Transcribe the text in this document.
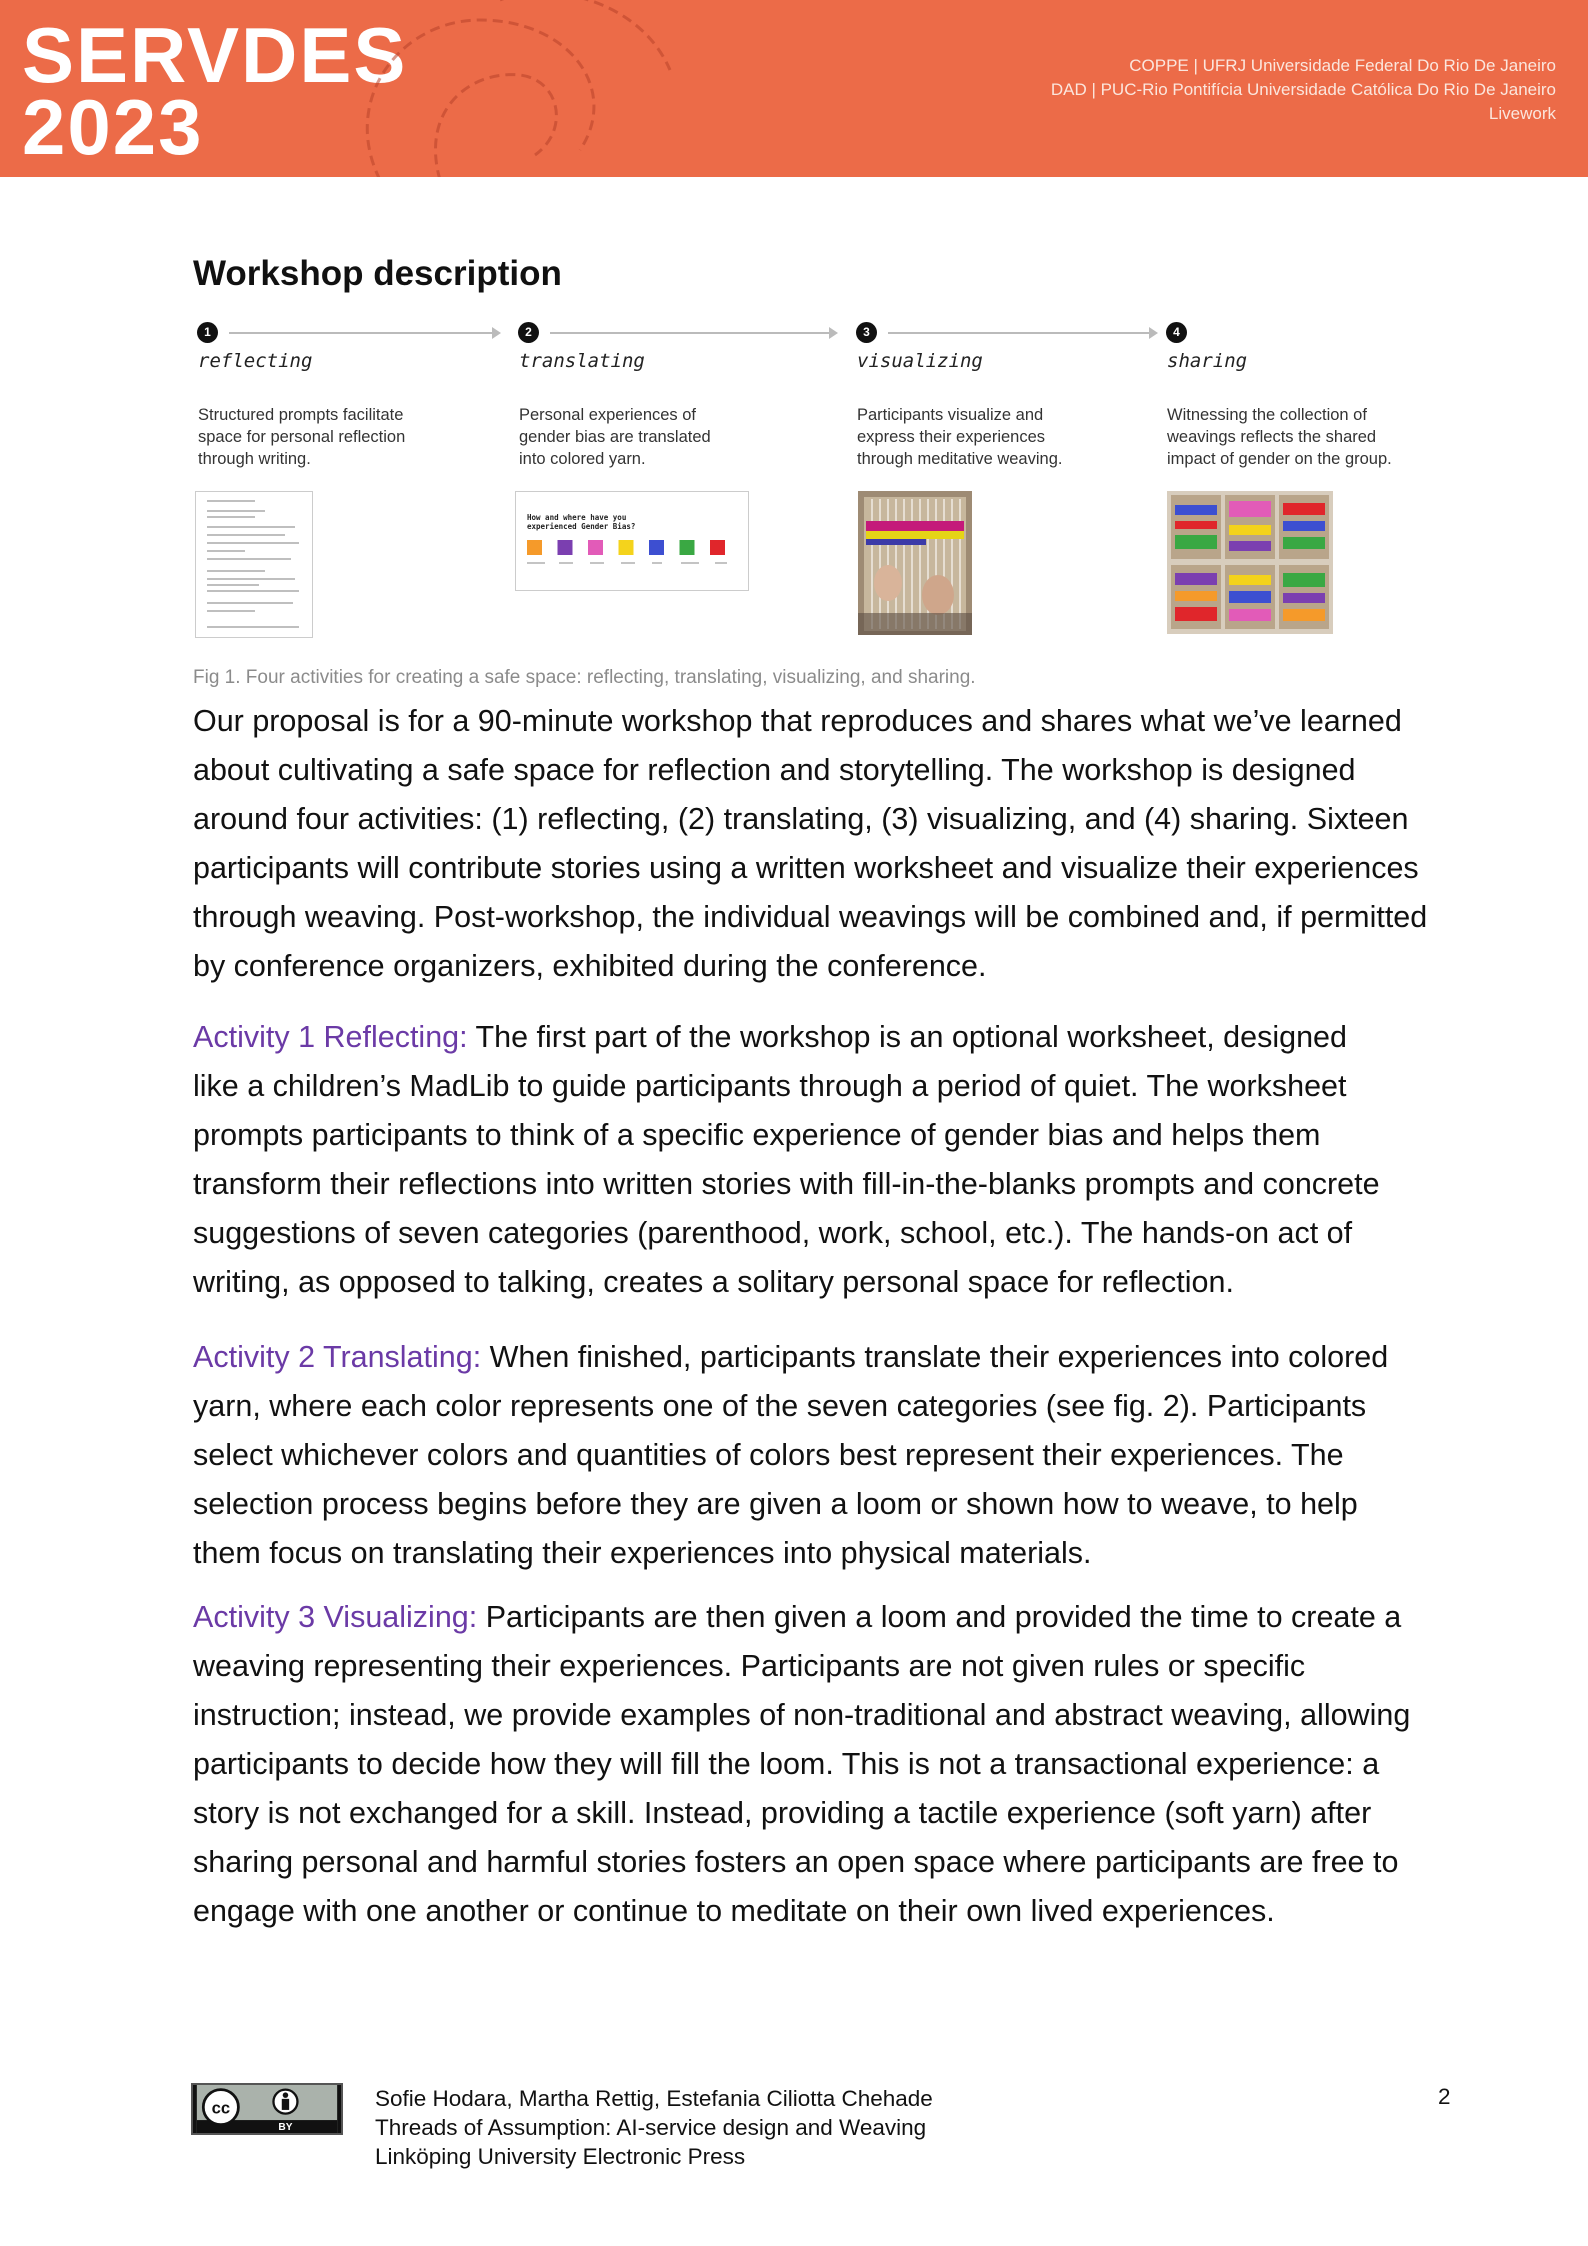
SERVDES
2023
COPPE | UFRJ Universidade Federal Do Rio De Janeiro
DAD | PUC-Rio Pontifícia Universidade Católica Do Rio De Janeiro
Livework
Workshop description
1
reflecting
Structured prompts facilitate
space for personal reflection
through writing.
2
translating
Personal experiences of
gender bias are translated
into colored yarn.
3
visualizing
Participants visualize and
express their experiences
through meditative weaving.
4
sharing
Witnessing the collection of
weavings reflects the shared
impact of gender on the group.
How and where have you
experienced Gender Bias?
Fig 1. Four activities for creating a safe space: reflecting, translating, visualizing, and sharing.
Our proposal is for a 90-minute workshop that reproduces and shares what we’ve learned
about cultivating a safe space for reflection and storytelling. The workshop is designed
around four activities: (1) reflecting, (2) translating, (3) visualizing, and (4) sharing. Sixteen
participants will contribute stories using a written worksheet and visualize their experiences
through weaving. Post-workshop, the individual weavings will be combined and, if permitted
by conference organizers, exhibited during the conference.
Activity 1 Reflecting: The first part of the workshop is an optional worksheet, designed
like a children’s MadLib to guide participants through a period of quiet. The worksheet
prompts participants to think of a specific experience of gender bias and helps them
transform their reflections into written stories with fill-in-the-blanks prompts and concrete
suggestions of seven categories (parenthood, work, school, etc.). The hands-on act of
writing, as opposed to talking, creates a solitary personal space for reflection.
Activity 2 Translating: When finished, participants translate their experiences into colored
yarn, where each color represents one of the seven categories (see fig. 2). Participants
select whichever colors and quantities of colors best represent their experiences. The
selection process begins before they are given a loom or shown how to weave, to help
them focus on translating their experiences into physical materials.
Activity 3 Visualizing: Participants are then given a loom and provided the time to create a
weaving representing their experiences. Participants are not given rules or specific
instruction; instead, we provide examples of non-traditional and abstract weaving, allowing
participants to decide how they will fill the loom. This is not a transactional experience: a
story is not exchanged for a skill. Instead, providing a tactile experience (soft yarn) after
sharing personal and harmful stories fosters an open space where participants are free to
engage with one another or continue to meditate on their own lived experiences.
cc
BY
Sofie Hodara, Martha Rettig, Estefania Ciliotta Chehade
Threads of Assumption: AI-service design and Weaving
Linköping University Electronic Press
2
